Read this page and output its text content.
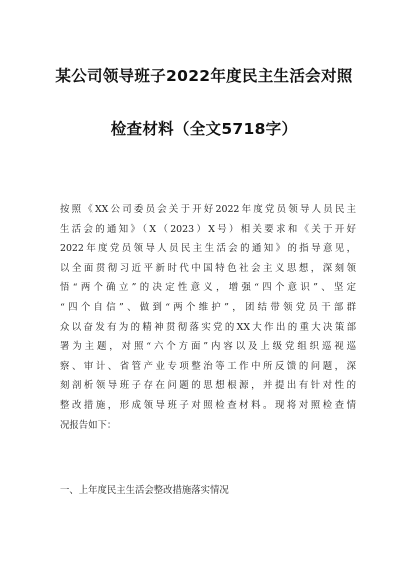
某公司领导班子2022年度民主生活会对照
检查材料（全文5718字）
按照《XX公司委员会关于开好2022年度党员领导人员民主
生活会的通知》（X（2023）X号）相关要求和《关于开好
2022年度党员领导人员民主生活会的通知》的指导意见，
以全面贯彻习近平新时代中国特色社会主义思想，深刻领
悟“两个确立”的决定性意义，增强“四个意识”、坚定
“四个自信”、做到“两个维护”，团结带领党员干部群
众以奋发有为的精神贯彻落实党的XX大作出的重大决策部
署为主题，对照“六个方面”内容以及上级党组织巡视巡
察、审计、省管产业专项整治等工作中所反馈的问题，深
刻剖析领导班子存在问题的思想根源，并提出有针对性的
整改措施，形成领导班子对照检查材料。现将对照检查情
况报告如下：
一、上年度民主生活会整改措施落实情况
